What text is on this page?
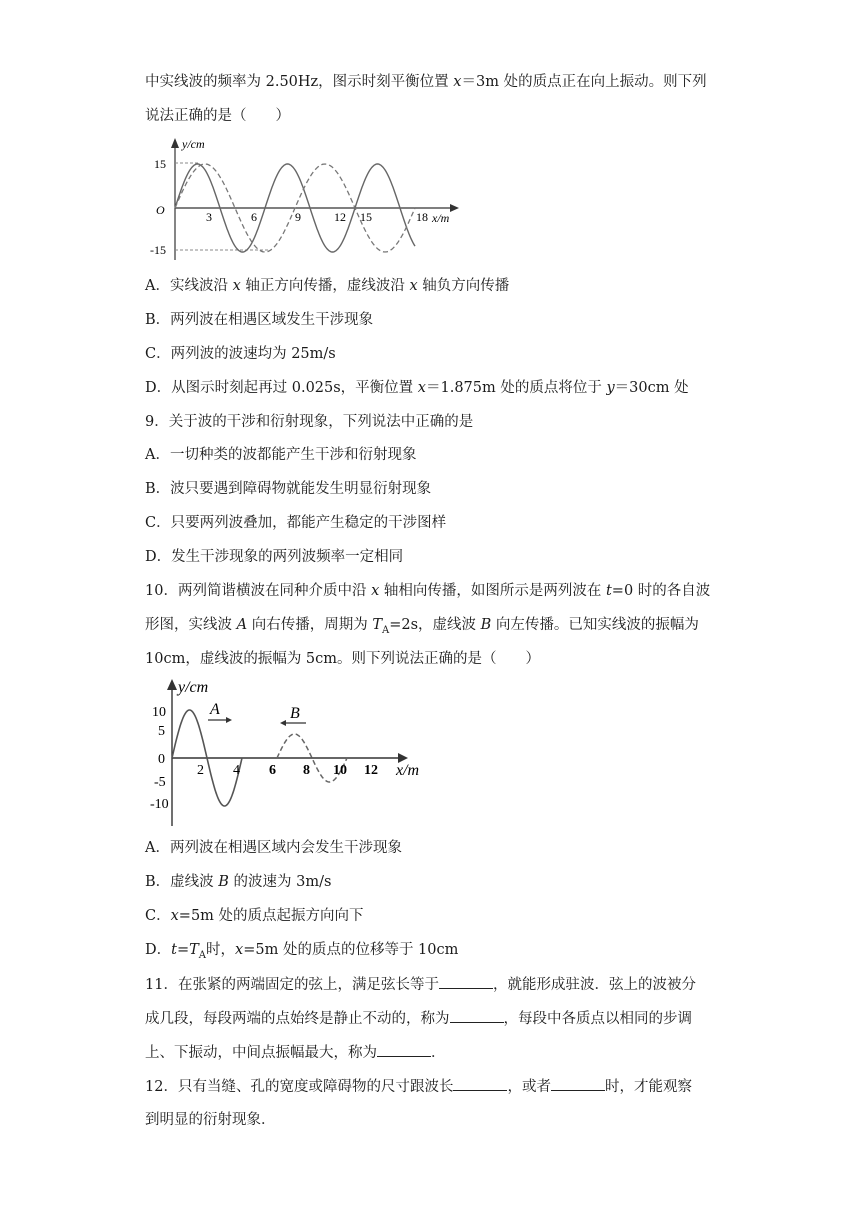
中实线波的频率为 2.50Hz，图示时刻平衡位置 x＝3m 处的质点正在向上振动。则下列
说法正确的是（　　）
y/cm
O
15
-15
3	6	9	12 15	18 x/m
A．实线波沿 x 轴正方向传播，虚线波沿 x 轴负方向传播
B．两列波在相遇区域发生干涉现象
C．两列波的波速均为 25m/s
D．从图示时刻起再过 0.025s，平衡位置 x＝1.875m 处的质点将位于 y＝30cm 处
9．关于波的干涉和衍射现象，下列说法中正确的是
A．一切种类的波都能产生干涉和衍射现象
B．波只要遇到障碍物就能发生明显衍射现象
C．只要两列波叠加，都能产生稳定的干涉图样
D．发生干涉现象的两列波频率一定相同
10．两列简谐横波在同种介质中沿 x 轴相向传播，如图所示是两列波在 t=0 时的各自波
形图，实线波 A 向右传播，周期为 $T_A=2s$，虚线波 B 向左传播。已知实线波的振幅为
10cm，虚线波的振幅为 5cm。则下列说法正确的是（　　）
A	B
y/cm
10
5
0
-5
-10
2 4 6 8 10 12 x/m
A．两列波在相遇区域内会发生干涉现象
B．虚线波 B 的波速为 3m/s
C．x=5m 处的质点起振方向向下
D．$t=T_A$时，x=5m 处的质点的位移等于 10cm
11．在张紧的两端固定的弦上，满足弦长等于	，就能形成驻波．弦上的波被分
成几段，每段两端的点始终是静止不动的，称为	，每段中各质点以相同的步调
上、下振动，中间点振幅最大，称为	．
12．只有当缝、孔的宽度或障碍物的尺寸跟波长	，或者	时，才能观察
到明显的衍射现象．
